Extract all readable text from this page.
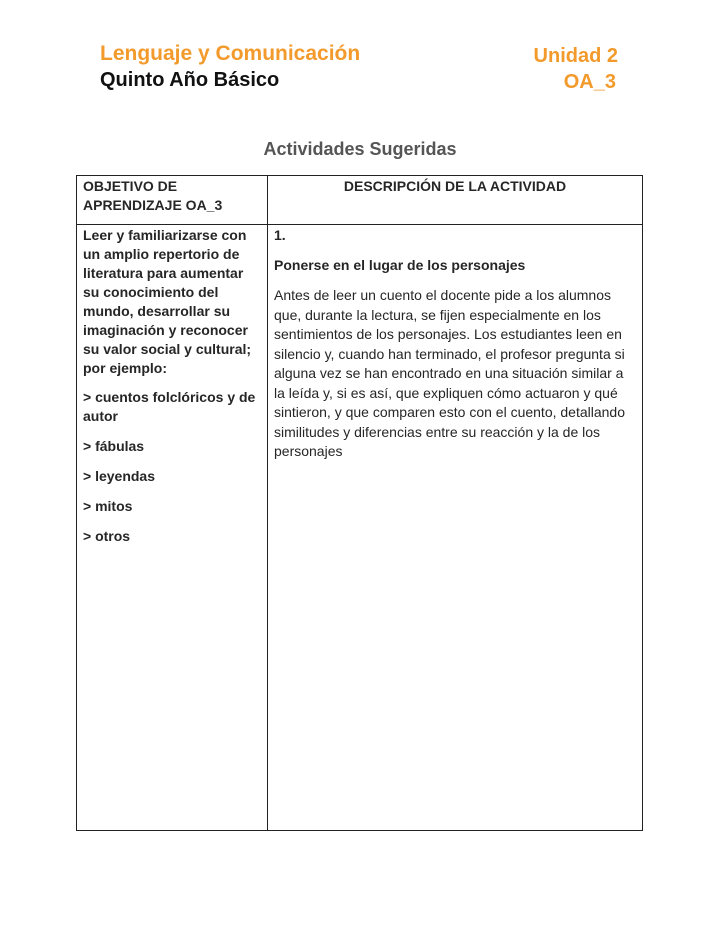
Lenguaje y Comunicación
Quinto Año Básico
Unidad 2
OA_3
Actividades Sugeridas
OBJETIVO DE APRENDIZAJE OA_3
DESCRIPCIÓN DE LA ACTIVIDAD
Leer y familiarizarse con un amplio repertorio de literatura para aumentar su conocimiento del mundo, desarrollar su imaginación y reconocer su valor social y cultural; por ejemplo:
> cuentos folclóricos y de autor
> fábulas
> leyendas
> mitos
> otros
1.
Ponerse en el lugar de los personajes
Antes de leer un cuento el docente pide a los alumnos que, durante la lectura, se fijen especialmente en los sentimientos de los personajes. Los estudiantes leen en silencio y, cuando han terminado, el profesor pregunta si alguna vez se han encontrado en una situación similar a la leída y, si es así, que expliquen cómo actuaron y qué sintieron, y que comparen esto con el cuento, detallando similitudes y diferencias entre su reacción y la de los personajes
